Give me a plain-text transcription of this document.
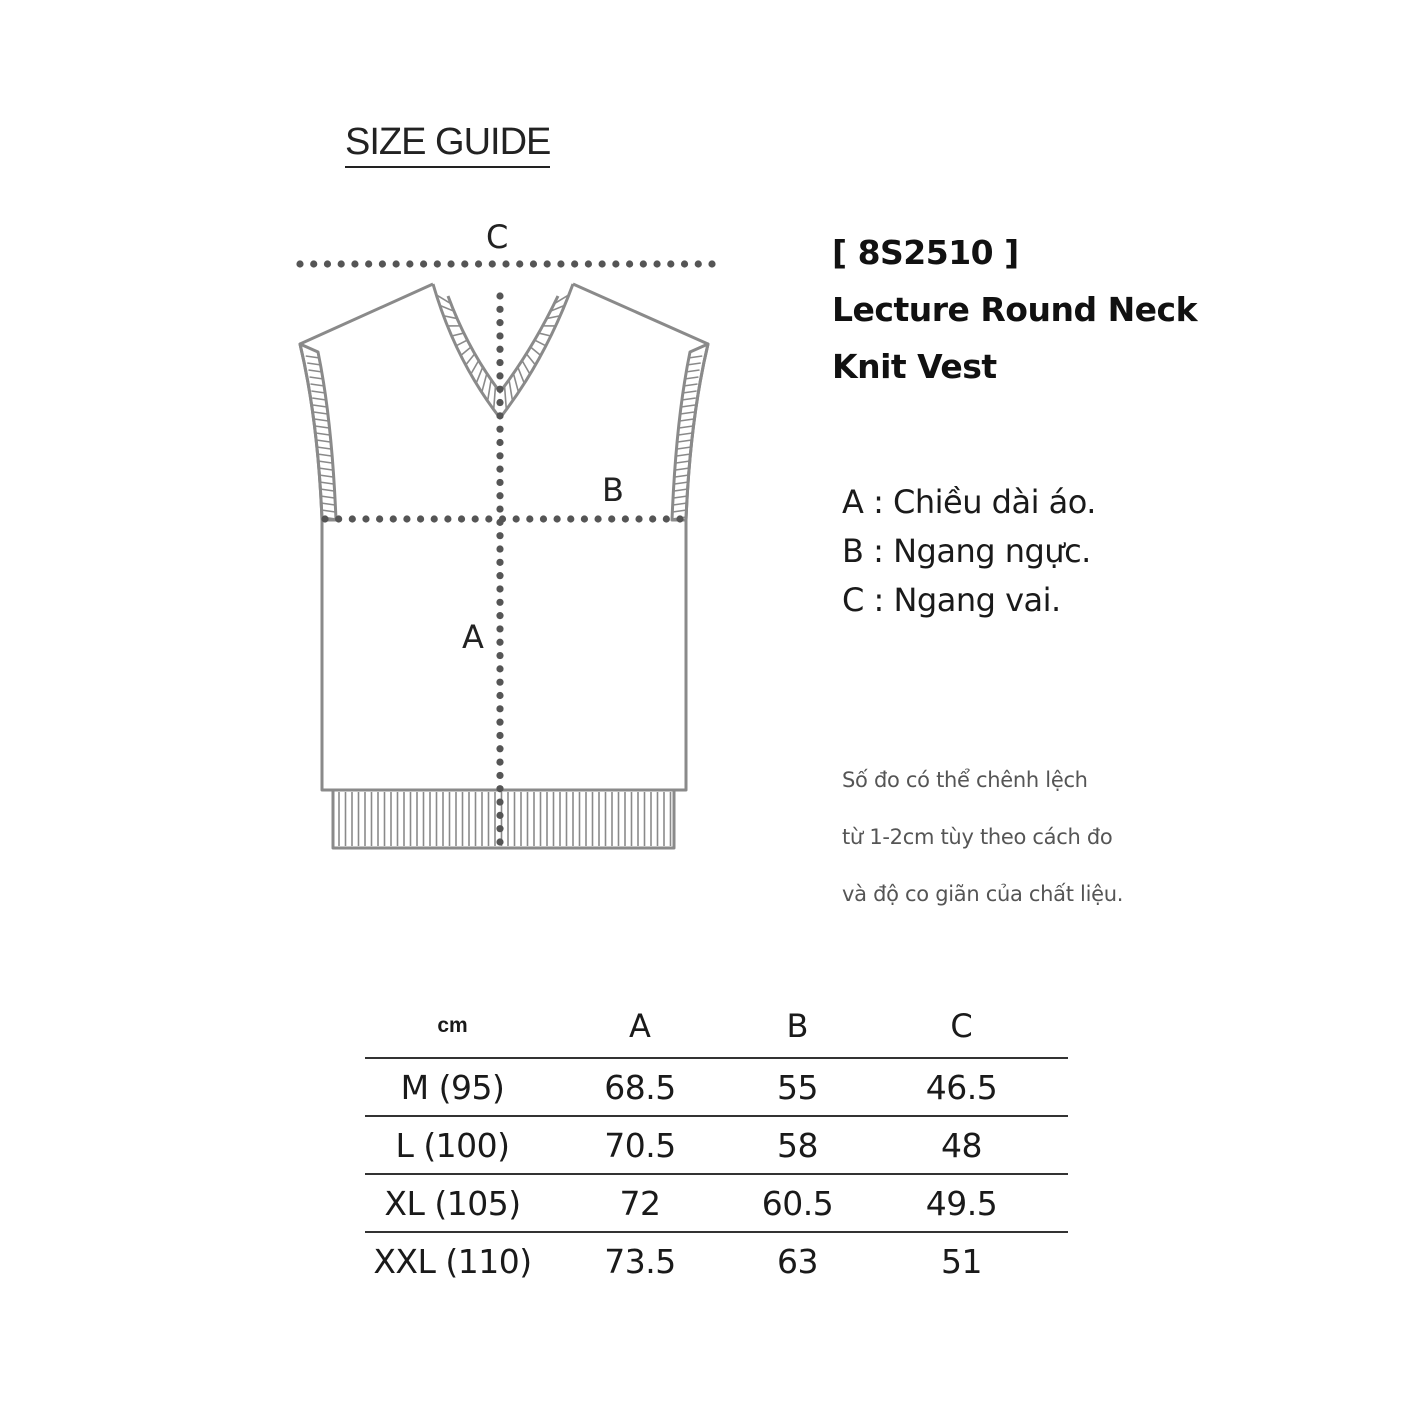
SIZE GUIDE
C
B
A
[ 8S2510 ]
Lecture Round Neck
Knit Vest
A : Chiều dài áo.
B : Ngang ngực.
C : Ngang vai.
Số đo có thể chênh lệch
từ 1-2cm tùy theo cách đo
và độ co giãn của chất liệu.
cm	A	B	C
M (95)	68.5	55	46.5
L (100)	70.5	58	48
XL (105)	72	60.5	49.5
XXL (110)	73.5	63	51
